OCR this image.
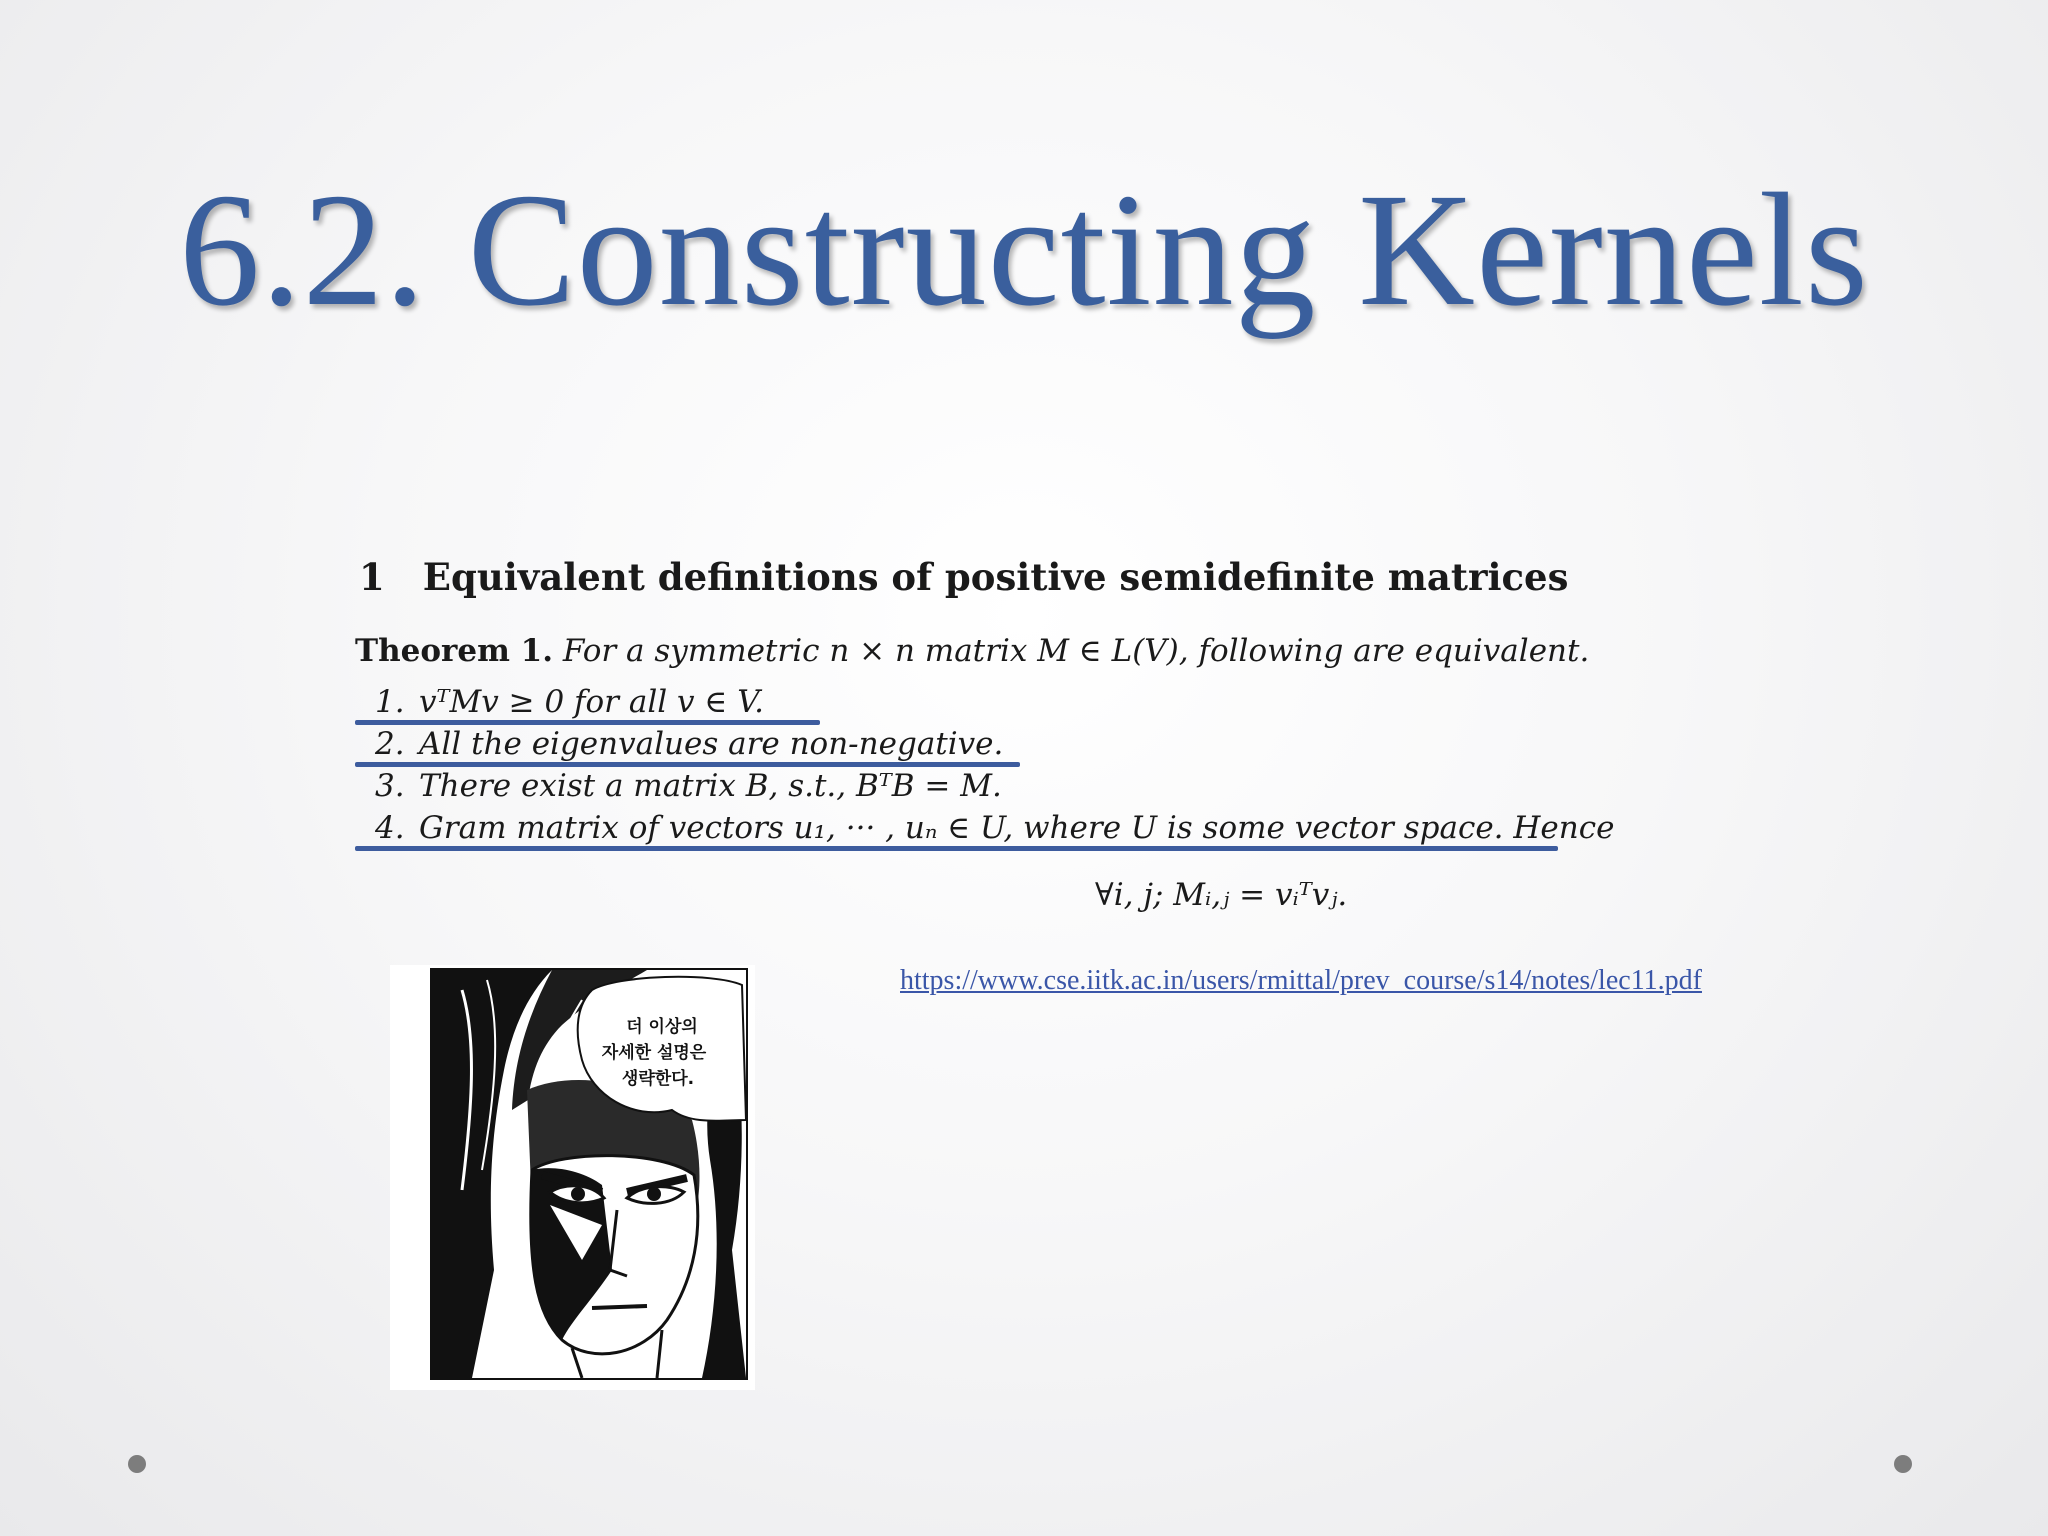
6.2. Constructing Kernels
1 Equivalent definitions of positive semidefinite matrices
Theorem 1. For a symmetric n × n matrix M ∈ L(V), following are equivalent.
1. vᵀMv ≥ 0 for all v ∈ V.
2. All the eigenvalues are non-negative.
3. There exist a matrix B, s.t., BᵀB = M.
4. Gram matrix of vectors u₁, ··· , uₙ ∈ U, where U is some vector space. Hence
∀i, j; Mᵢ,ⱼ = vᵢᵀvⱼ.
https://www.cse.iitk.ac.in/users/rmittal/prev_course/s14/notes/lec11.pdf
더 이상의
자세한 설명은
생략한다.
